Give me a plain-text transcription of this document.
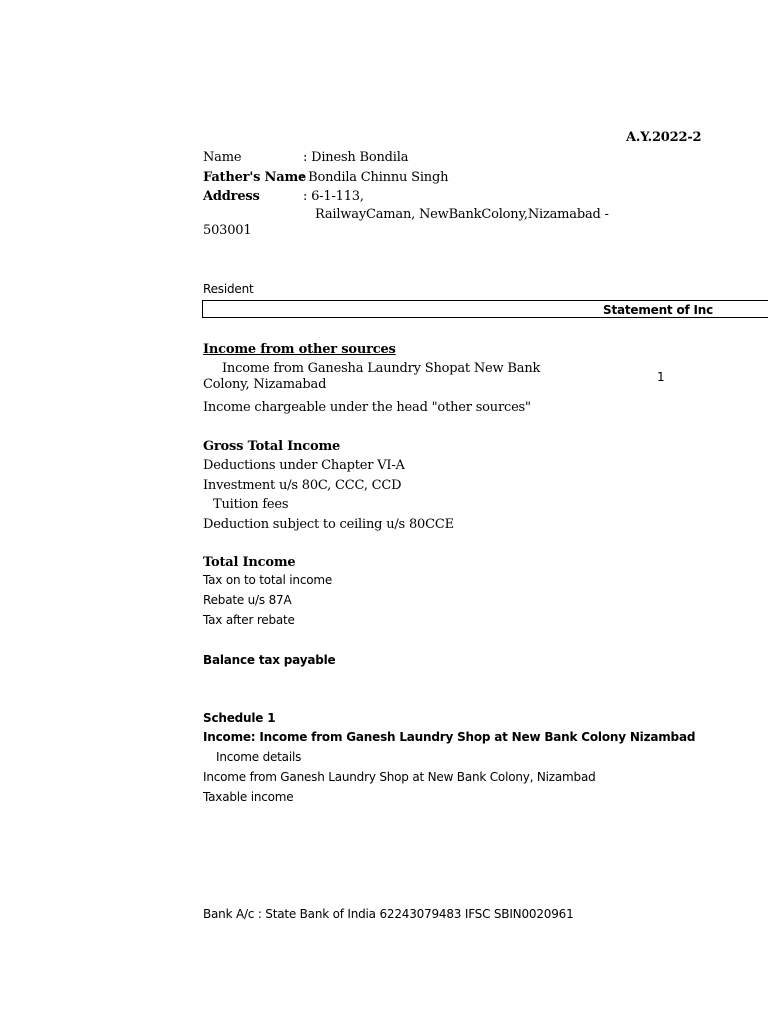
A.Y.2022-2
Name	: Dinesh Bondila
Father's Name
: Bondila Chinnu Singh
Address	: 6-1-113,
RailwayCaman, NewBankColony,Nizamabad -
503001
Resident
Statement of Inc
Income from other sources
Income from Ganesha Laundry Shopat New Bank
Colony, Nizamabad	1
Income chargeable under the head "other sources"
Gross Total Income
Deductions under Chapter VI-A
Investment u/s 80C, CCC, CCD
Tuition fees
Deduction subject to ceiling u/s 80CCE
Total Income
Tax on to total income
Rebate u/s 87A
Tax after rebate
Balance tax payable
Schedule 1
Income: Income from Ganesh Laundry Shop at New Bank Colony Nizambad
Income details
Income from Ganesh Laundry Shop at New Bank Colony, Nizambad
Taxable income
Bank A/c : State Bank of India 62243079483 IFSC SBIN0020961
